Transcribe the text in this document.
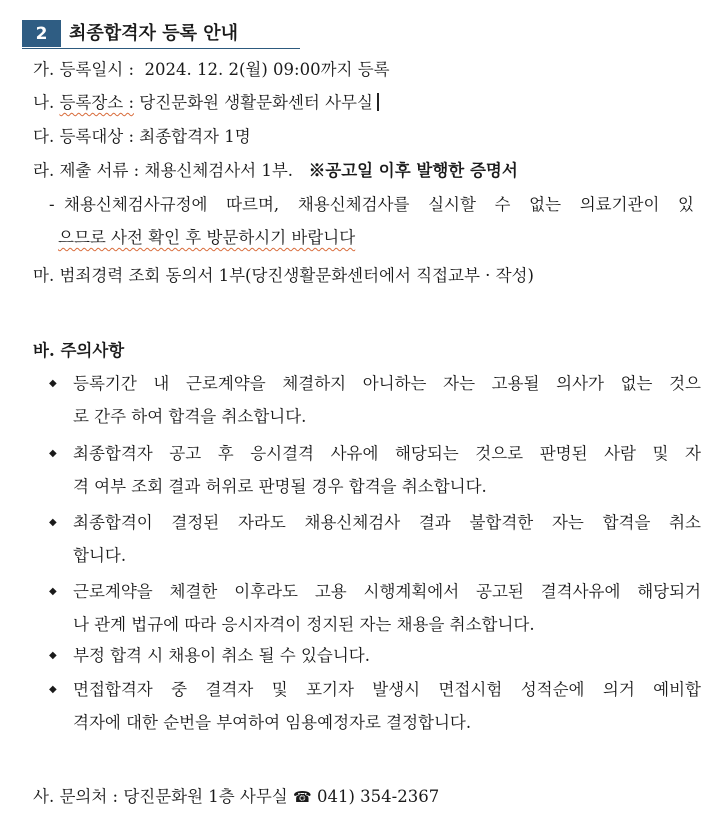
2	최종합격자 등록 안내
가. 등록일시 : 2024. 12. 2(월) 09:00까지 등록
나. 등록장소 : 당진문화원 생활문화센터 사무실
다. 등록대상 : 최종합격자 1명
라. 제출 서류 : 채용신체검사서 1부. ※공고일 이후 발행한 증명서
- 채용신체검사규정에 따르며, 채용신체검사를 실시할 수 없는 의료기관이 있
으므로 사전 확인 후 방문하시기 바랍니다
마. 범죄경력 조회 동의서 1부(당진생활문화센터에서 직접교부 · 작성)
바. 주의사항
◆ 등록기간 내 근로계약을 체결하지 아니하는 자는 고용될 의사가 없는 것으
로 간주 하여 합격을 취소합니다.
◆ 최종합격자 공고 후 응시결격 사유에 해당되는 것으로 판명된 사람 및 자
격 여부 조회 결과 허위로 판명될 경우 합격을 취소합니다.
◆ 최종합격이 결정된 자라도 채용신체검사 결과 불합격한 자는 합격을 취소
합니다.
◆ 근로계약을 체결한 이후라도 고용 시행계획에서 공고된 결격사유에 해당되거
나 관계 법규에 따라 응시자격이 정지된 자는 채용을 취소합니다.
◆ 부정 합격 시 채용이 취소 될 수 있습니다.
◆ 면접합격자 중 결격자 및 포기자 발생시 면접시험 성적순에 의거 예비합
격자에 대한 순번을 부여하여 임용예정자로 결정합니다.
사. 문의처 : 당진문화원 1층 사무실 ☎ 041) 354-2367
